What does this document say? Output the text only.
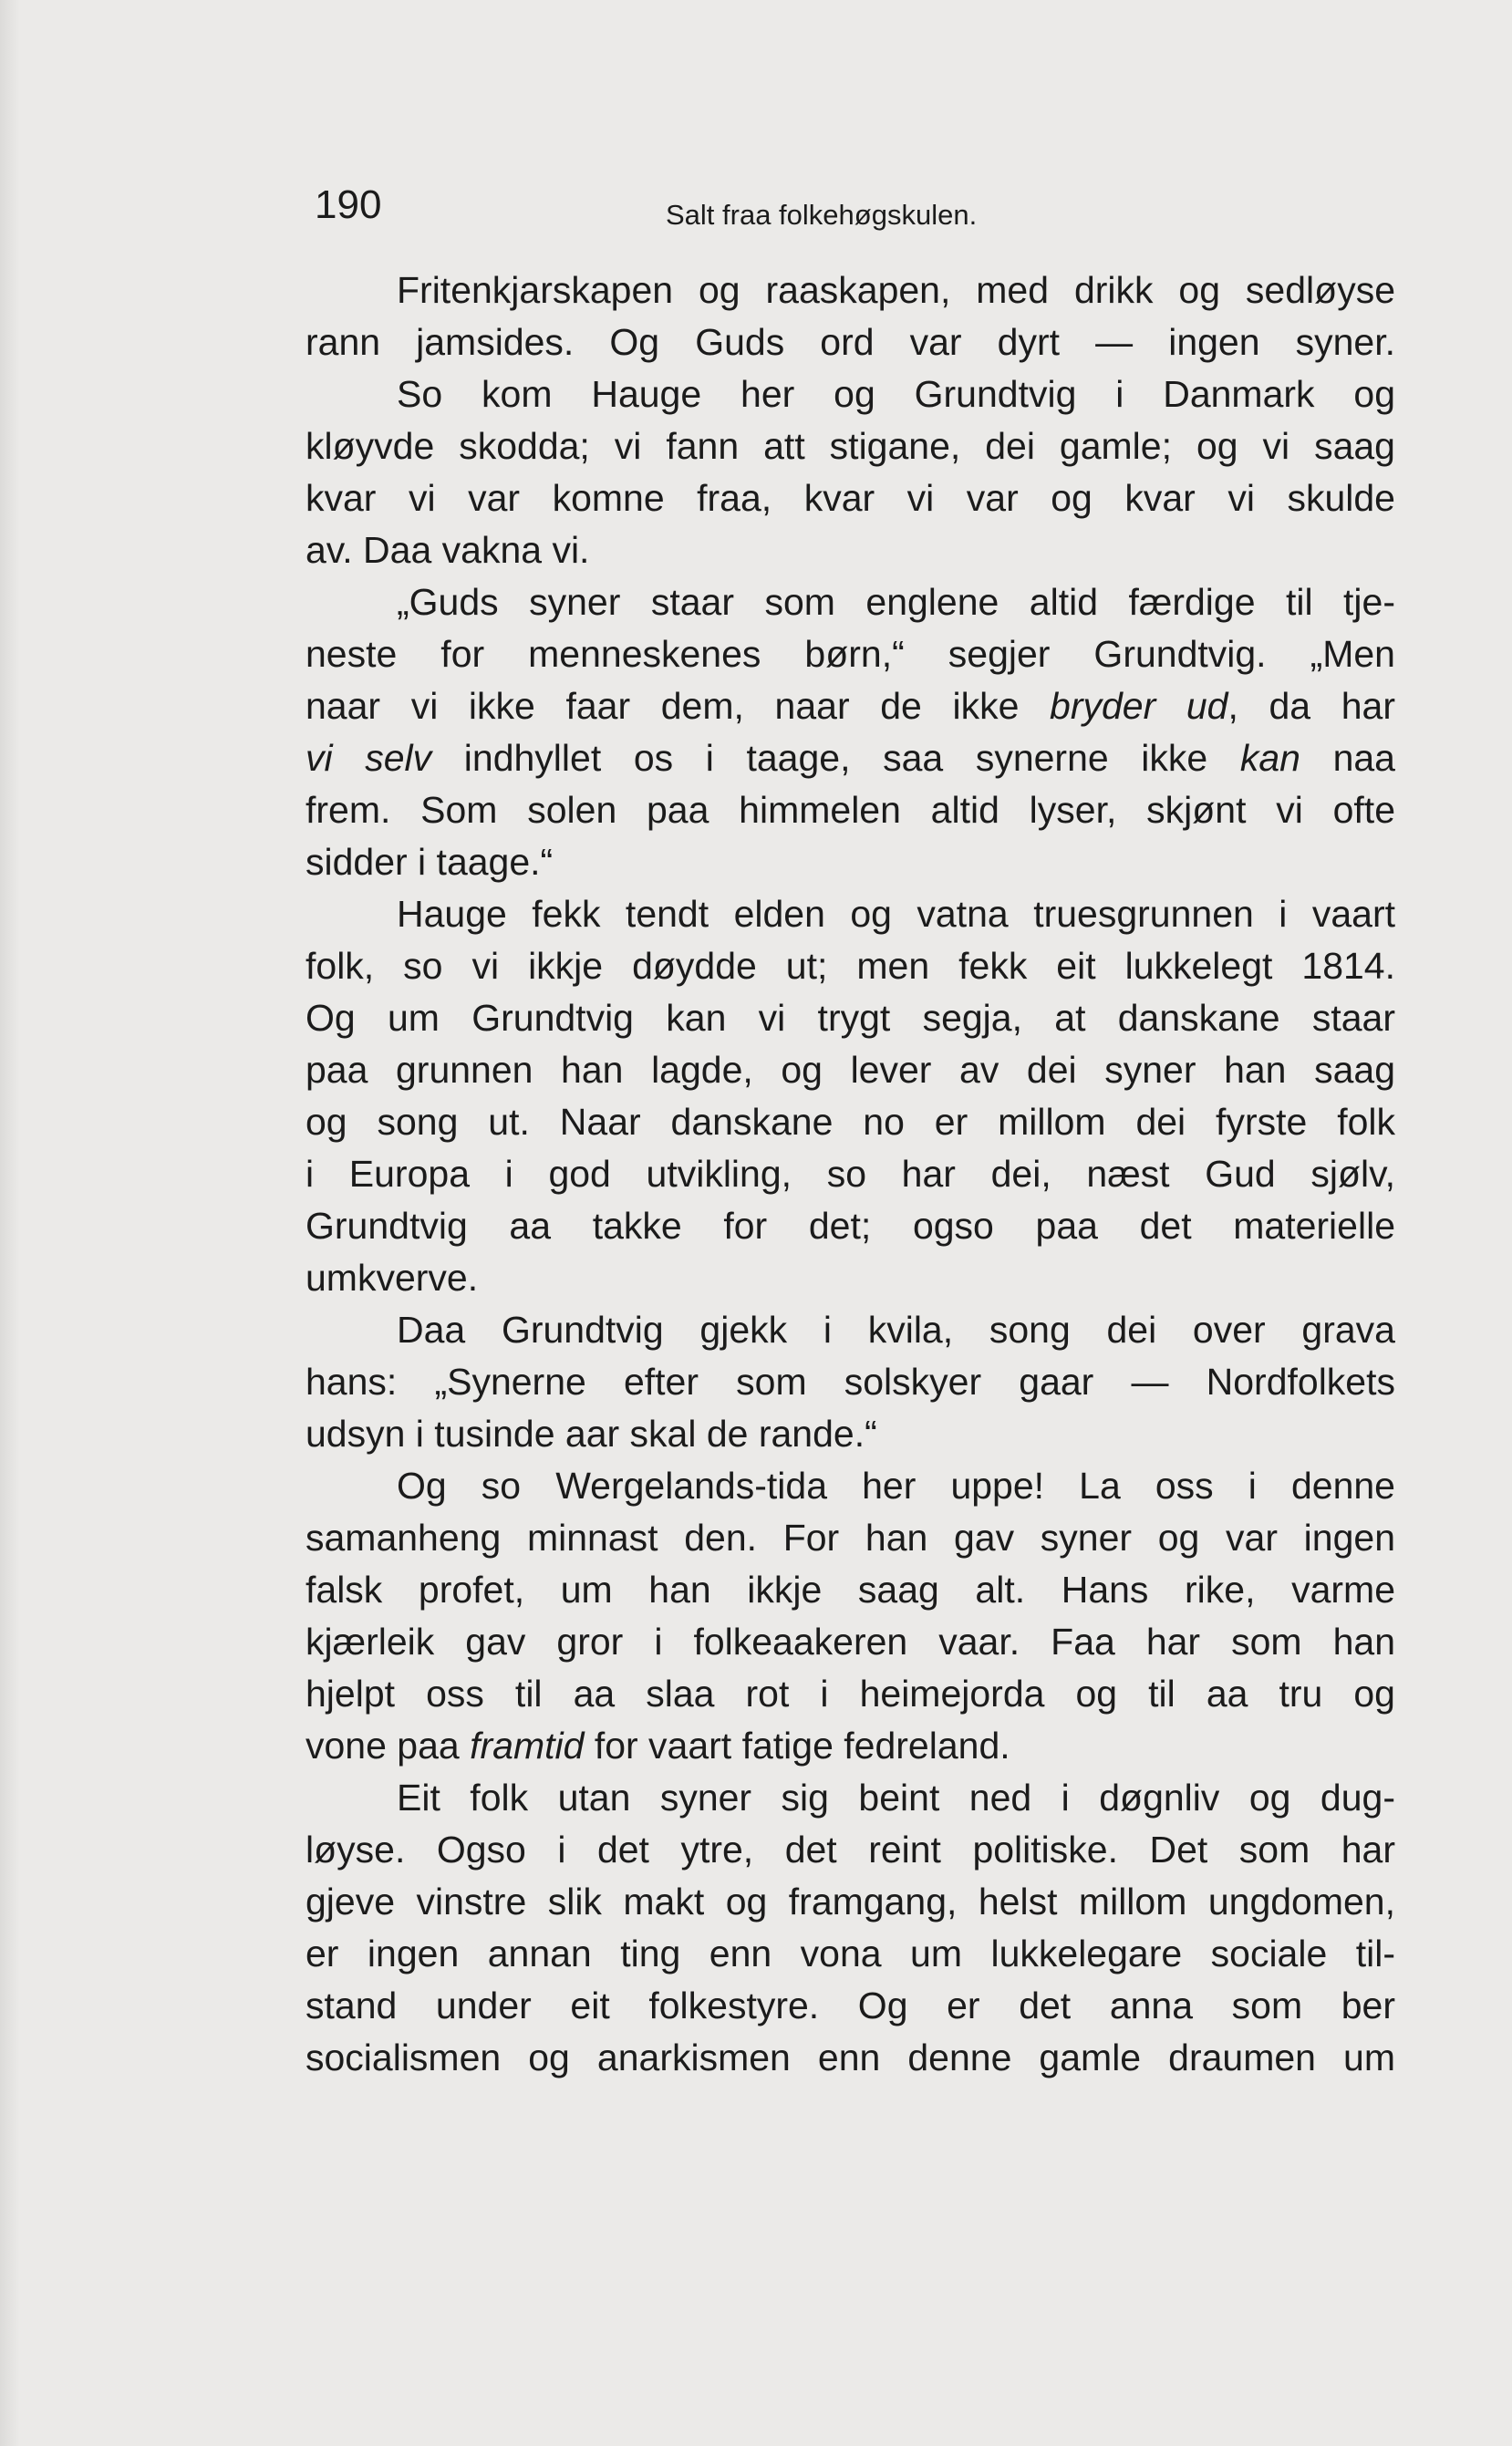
190	Salt fraa folkehøgskulen.
Fritenkjarskapen og raaskapen, med drikk og sedløyse
rann jamsides. Og Guds ord var dyrt — ingen syner.
So kom Hauge her og Grundtvig i Danmark og
kløyvde skodda; vi fann att stigane, dei gamle; og vi saag
kvar vi var komne fraa, kvar vi var og kvar vi skulde
av. Daa vakna vi.
„Guds syner staar som englene altid færdige til tje-
neste for menneskenes børn,“ segjer Grundtvig. „Men
naar vi ikke faar dem, naar de ikke bryder ud, da har
vi selv indhyllet os i taage, saa synerne ikke kan naa
frem. Som solen paa himmelen altid lyser, skjønt vi ofte
sidder i taage.“
Hauge fekk tendt elden og vatna truesgrunnen i vaart
folk, so vi ikkje døydde ut; men fekk eit lukkelegt 1814.
Og um Grundtvig kan vi trygt segja, at danskane staar
paa grunnen han lagde, og lever av dei syner han saag
og song ut. Naar danskane no er millom dei fyrste folk
i Europa i god utvikling, so har dei, næst Gud sjølv,
Grundtvig aa takke for det; ogso paa det materielle
umkverve.
Daa Grundtvig gjekk i kvila, song dei over grava
hans: „Synerne efter som solskyer gaar — Nordfolkets
udsyn i tusinde aar skal de rande.“
Og so Wergelands-tida her uppe! La oss i denne
samanheng minnast den. For han gav syner og var ingen
falsk profet, um han ikkje saag alt. Hans rike, varme
kjærleik gav gror i folkeaakeren vaar. Faa har som han
hjelpt oss til aa slaa rot i heimejorda og til aa tru og
vone paa framtid for vaart fatige fedreland.
Eit folk utan syner sig beint ned i døgnliv og dug-
løyse. Ogso i det ytre, det reint politiske. Det som har
gjeve vinstre slik makt og framgang, helst millom ungdomen,
er ingen annan ting enn vona um lukkelegare sociale til-
stand under eit folkestyre. Og er det anna som ber
socialismen og anarkismen enn denne gamle draumen um
